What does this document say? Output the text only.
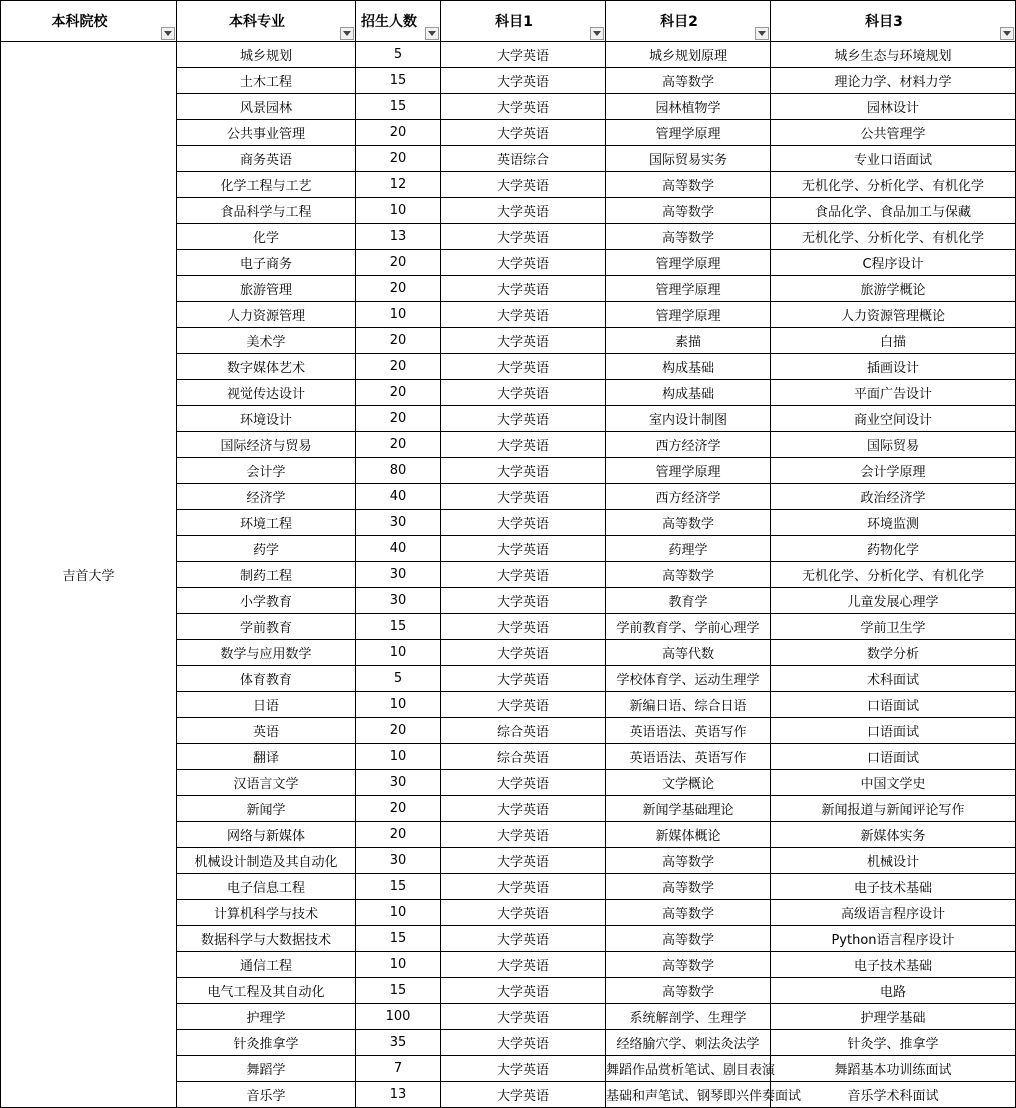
本科院校	本科专业	招生人数	科目1	科目2	科目3

吉首大学	城乡规划	5	大学英语	城乡规划原理	城乡生态与环境规划

	土木工程	15	大学英语	高等数学	理论力学、材料力学

	风景园林	15	大学英语	园林植物学	园林设计

	公共事业管理	20	大学英语	管理学原理	公共管理学

	商务英语	20	英语综合	国际贸易实务	专业口语面试

	化学工程与工艺	12	大学英语	高等数学	无机化学、分析化学、有机化学

	食品科学与工程	10	大学英语	高等数学	食品化学、食品加工与保藏

	化学	13	大学英语	高等数学	无机化学、分析化学、有机化学

	电子商务	20	大学英语	管理学原理	C程序设计

	旅游管理	20	大学英语	管理学原理	旅游学概论

	人力资源管理	10	大学英语	管理学原理	人力资源管理概论

	美术学	20	大学英语	素描	白描

	数字媒体艺术	20	大学英语	构成基础	插画设计

	视觉传达设计	20	大学英语	构成基础	平面广告设计

	环境设计	20	大学英语	室内设计制图	商业空间设计

	国际经济与贸易	20	大学英语	西方经济学	国际贸易

	会计学	80	大学英语	管理学原理	会计学原理

	经济学	40	大学英语	西方经济学	政治经济学

	环境工程	30	大学英语	高等数学	环境监测

	药学	40	大学英语	药理学	药物化学

	制药工程	30	大学英语	高等数学	无机化学、分析化学、有机化学

	小学教育	30	大学英语	教育学	儿童发展心理学

	学前教育	15	大学英语	学前教育学、学前心理学	学前卫生学

	数学与应用数学	10	大学英语	高等代数	数学分析

	体育教育	5	大学英语	学校体育学、运动生理学	术科面试

	日语	10	大学英语	新编日语、综合日语	口语面试

	英语	20	综合英语	英语语法、英语写作	口语面试

	翻译	10	综合英语	英语语法、英语写作	口语面试

	汉语言文学	30	大学英语	文学概论	中国文学史

	新闻学	20	大学英语	新闻学基础理论	新闻报道与新闻评论写作

	网络与新媒体	20	大学英语	新媒体概论	新媒体实务

	机械设计制造及其自动化	30	大学英语	高等数学	机械设计

	电子信息工程	15	大学英语	高等数学	电子技术基础

	计算机科学与技术	10	大学英语	高等数学	高级语言程序设计

	数据科学与大数据技术	15	大学英语	高等数学	Python语言程序设计

	通信工程	10	大学英语	高等数学	电子技术基础

	电气工程及其自动化	15	大学英语	高等数学	电路

	护理学	100	大学英语	系统解剖学、生理学	护理学基础

	针灸推拿学	35	大学英语	经络腧穴学、刺法灸法学	针灸学、推拿学

	舞蹈学	7	大学英语	舞蹈作品赏析笔试、剧目表演	舞蹈基本功训练面试

	音乐学	13	大学英语	基础和声笔试、钢琴即兴伴奏面试	音乐学术科面试
